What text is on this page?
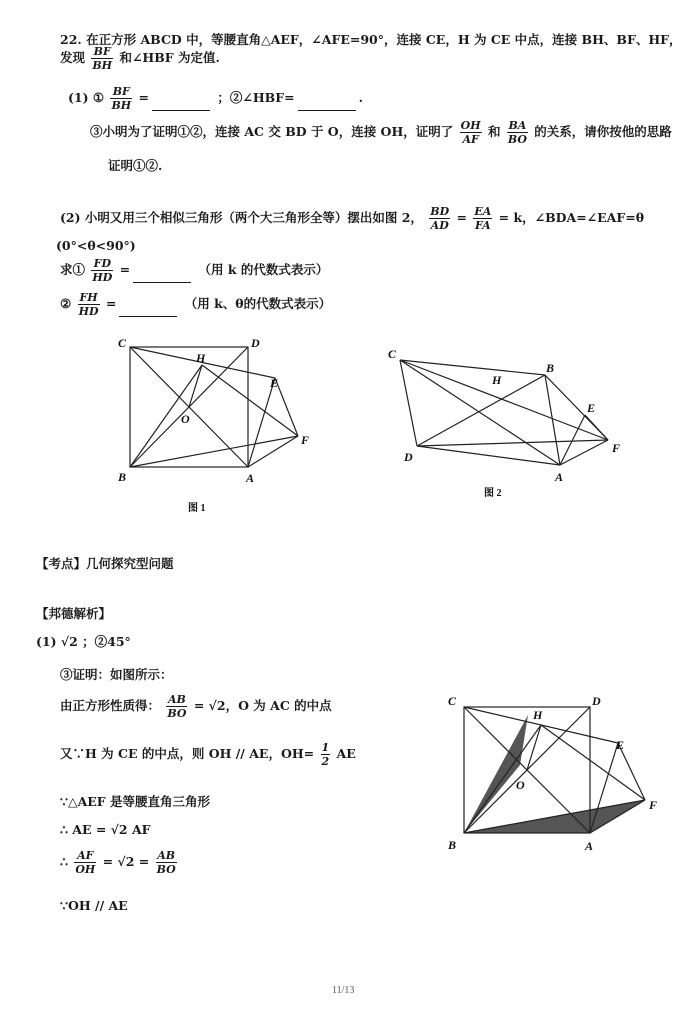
22. 在正方形 ABCD 中，等腰直角△AEF，∠AFE=90°，连接 CE，H 为 CE 中点，连接 BH、BF、HF，
发现 $\frac{BF}{BH}$ 和∠HBF 为定值.
(1) ① $\frac{BF}{BH}$ =	；②∠HBF=	.
③小明为了证明①②，连接 AC 交 BD 于 O，连接 OH，证明了 $\frac{OH}{AF}$ 和 $\frac{BA}{BO}$ 的关系，请你按他的思路
证明①②.
(2) 小明又用三个相似三角形（两个大三角形全等）摆出如图 2， $\frac{BD}{AD} = \frac{EA}{FA} = k$，∠BDA=∠EAF=θ
(0°<θ<90°)
求① $\frac{FD}{HD}$ =	（用 k 的代数式表示）
② $\frac{FH}{HD}$ =	（用 k、θ的代数式表示）
C	D
H
E
O
F
B	A
图 1
C
B
H
E
D
F
A
图 2
【考点】几何探究型问题
【邦德解析】
(1) √2 ；②45°
③证明：如图所示：
由正方形性质得： $\frac{AB}{BO} = √2$，O 为 AC 的中点
又∵H 为 CE 的中点，则 OH // AE，$OH= \frac{1}{2}$ AE
∵△AEF 是等腰直角三角形
∴ AE = √2 AF
∴ $\frac{AF}{OH} = √2 = \frac{AB}{BO}$
∵OH // AE
C	D
H
E
O
F
B	A
11/13
